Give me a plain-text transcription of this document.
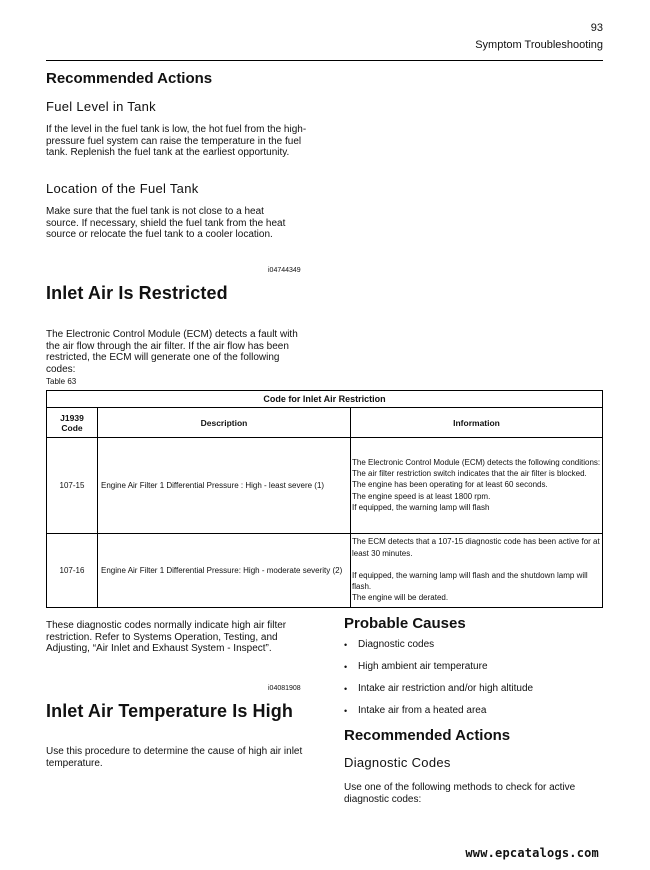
93
Symptom Troubleshooting
Recommended Actions
Fuel Level in Tank
If the level in the fuel tank is low, the hot fuel from the high-pressure fuel system can raise the temperature in the fuel tank. Replenish the fuel tank at the earliest opportunity.
Location of the Fuel Tank
Make sure that the fuel tank is not close to a heat source. If necessary, shield the fuel tank from the heat source or relocate the fuel tank to a cooler location.
i04744349
Inlet Air Is Restricted
The Electronic Control Module (ECM) detects a fault with the air flow through the air filter. If the air flow has been restricted, the ECM will generate one of the following codes:
Table 63
Code for Inlet Air Restriction		
J1939
Code	Description	Information
107-15	Engine Air Filter 1 Differential Pressure : High - least severe (1)	The Electronic Control Module (ECM) detects the following conditions:
The air filter restriction switch indicates that the air filter is blocked.
The engine has been operating for at least 60 seconds.
The engine speed is at least 1800 rpm.
If equipped, the warning lamp will flash

107-16	Engine Air Filter 1 Differential Pressure: High - moderate severity (2)	The ECM detects that a 107-15 diagnostic code has been active for at least 30 minutes.
If equipped, the warning lamp will flash and the shutdown lamp will flash.
The engine will be derated.
These diagnostic codes normally indicate high air filter restriction. Refer to Systems Operation, Testing, and Adjusting, “Air Inlet and Exhaust System - Inspect”.
i04081908
Inlet Air Temperature Is High
Use this procedure to determine the cause of high air inlet temperature.
Probable Causes
•	Diagnostic codes
•	High ambient air temperature
•	Intake air restriction and/or high altitude
•	Intake air from a heated area
Recommended Actions
Diagnostic Codes
Use one of the following methods to check for active diagnostic codes:
www.epcatalogs.com
